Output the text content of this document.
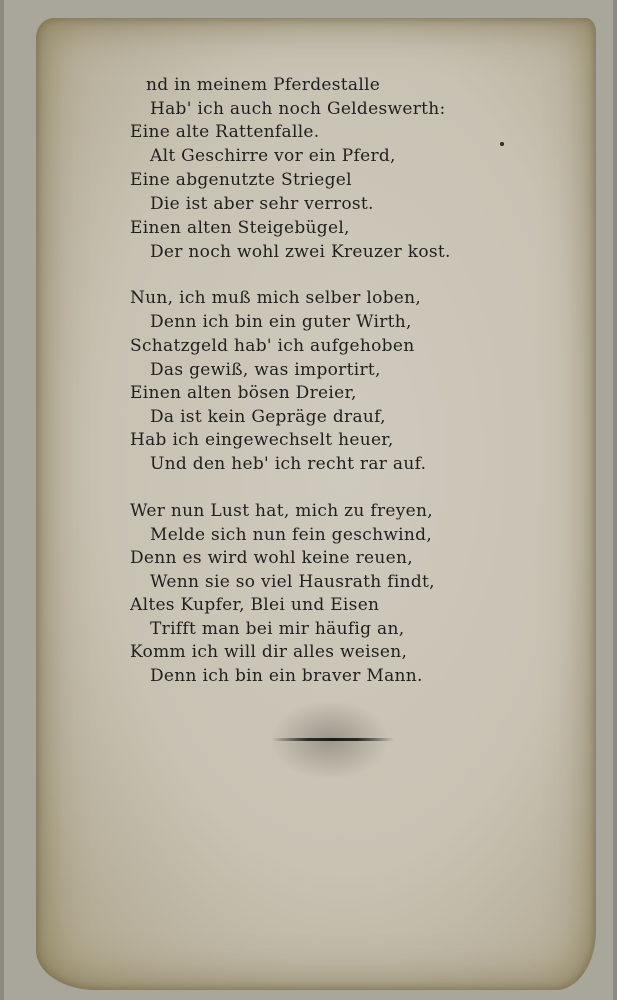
nd in meinem Pferdestalle
Hab' ich auch noch Geldeswerth:
Eine alte Rattenfalle.
Alt Geschirre vor ein Pferd,
Eine abgenutzte Striegel
Die ist aber sehr verrost.
Einen alten Steigebügel,
Der noch wohl zwei Kreuzer kost.
Nun, ich muß mich selber loben,
Denn ich bin ein guter Wirth,
Schatzgeld hab' ich aufgehoben
Das gewiß, was importirt,
Einen alten bösen Dreier,
Da ist kein Gepräge drauf,
Hab ich eingewechselt heuer,
Und den heb' ich recht rar auf.
Wer nun Lust hat, mich zu freyen,
Melde sich nun fein geschwind,
Denn es wird wohl keine reuen,
Wenn sie so viel Hausrath findt,
Altes Kupfer, Blei und Eisen
Trifft man bei mir häufig an,
Komm ich will dir alles weisen,
Denn ich bin ein braver Mann.
